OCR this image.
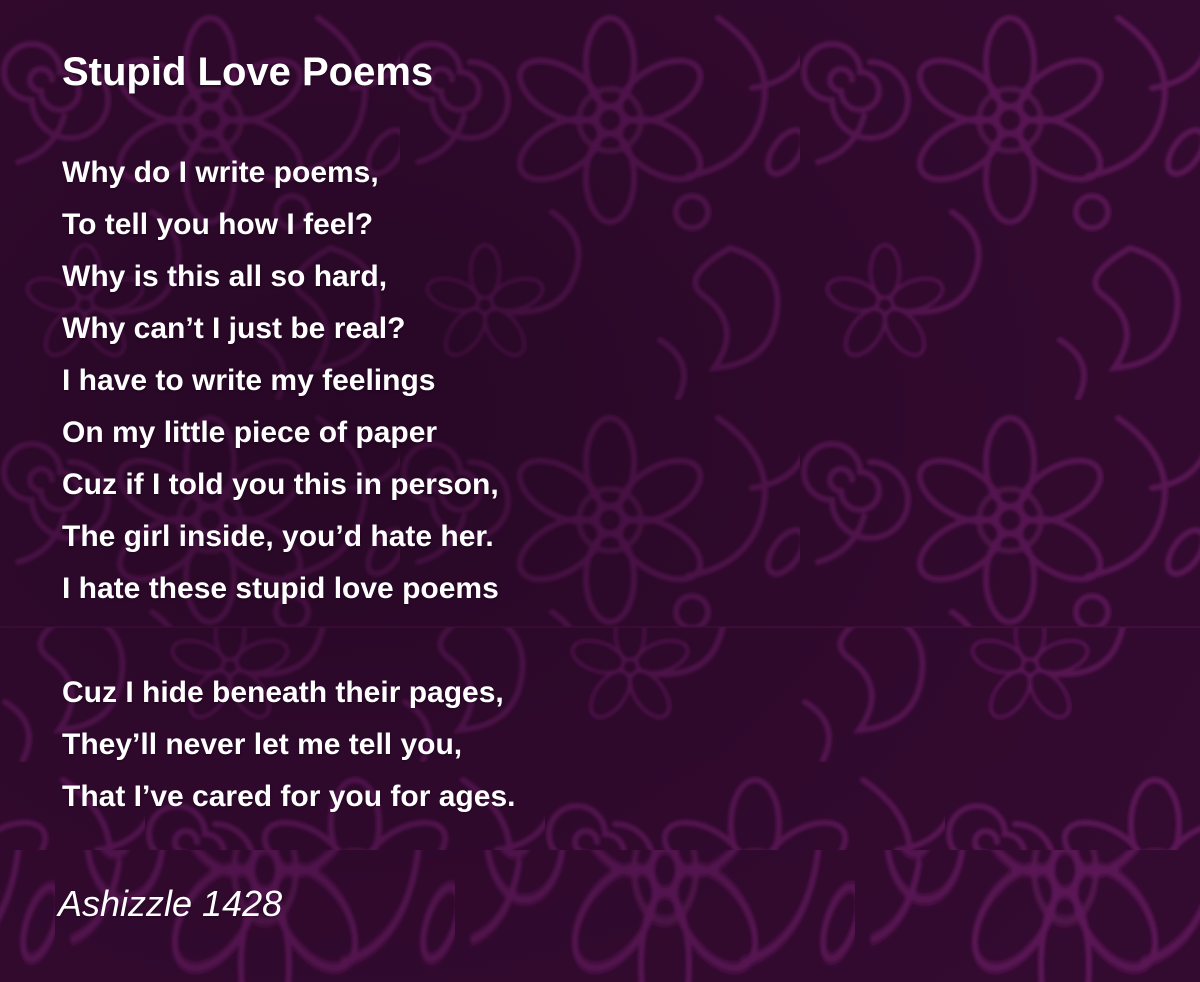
Stupid Love Poems
Why do I write poems,
To tell you how I feel?
Why is this all so hard,
Why can’t I just be real?
I have to write my feelings
On my little piece of paper
Cuz if I told you this in person,
The girl inside, you’d hate her.
I hate these stupid love poems
Cuz I hide beneath their pages,
They’ll never let me tell you,
That I’ve cared for you for ages.
Ashizzle 1428
